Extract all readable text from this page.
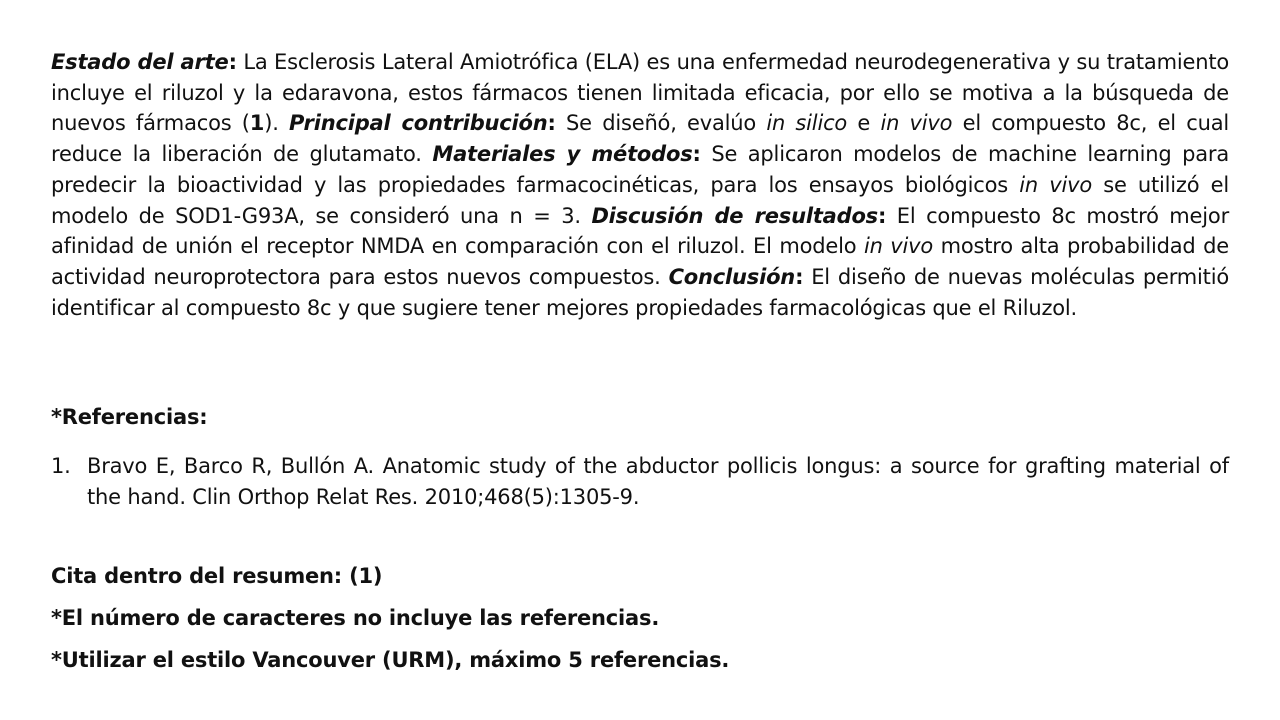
Estado del arte: La Esclerosis Lateral Amiotrófica (ELA) es una enfermedad neurodegenerativa y su tratamiento incluye el riluzol y la edaravona, estos fármacos tienen limitada eficacia, por ello se motiva a la búsqueda de nuevos fármacos (1). Principal contribución: Se diseñó, evalúo in silico e in vivo el compuesto 8c, el cual reduce la liberación de glutamato. Materiales y métodos: Se aplicaron modelos de machine learning para predecir la bioactividad y las propiedades farmacocinéticas, para los ensayos biológicos in vivo se utilizó el modelo de SOD1-G93A, se consideró una n = 3. Discusión de resultados: El compuesto 8c mostró mejor afinidad de unión el receptor NMDA en comparación con el riluzol. El modelo in vivo mostro alta probabilidad de actividad neuroprotectora para estos nuevos compuestos. Conclusión: El diseño de nuevas moléculas permitió identificar al compuesto 8c y que sugiere tener mejores propiedades farmacológicas que el Riluzol.

*Referencias:

1. Bravo E, Barco R, Bullón A. Anatomic study of the abductor pollicis longus: a source for grafting material of the hand. Clin Orthop Relat Res. 2010;468(5):1305-9.

Cita dentro del resumen: (1)

*El número de caracteres no incluye las referencias.

*Utilizar el estilo Vancouver (URM), máximo 5 referencias.
